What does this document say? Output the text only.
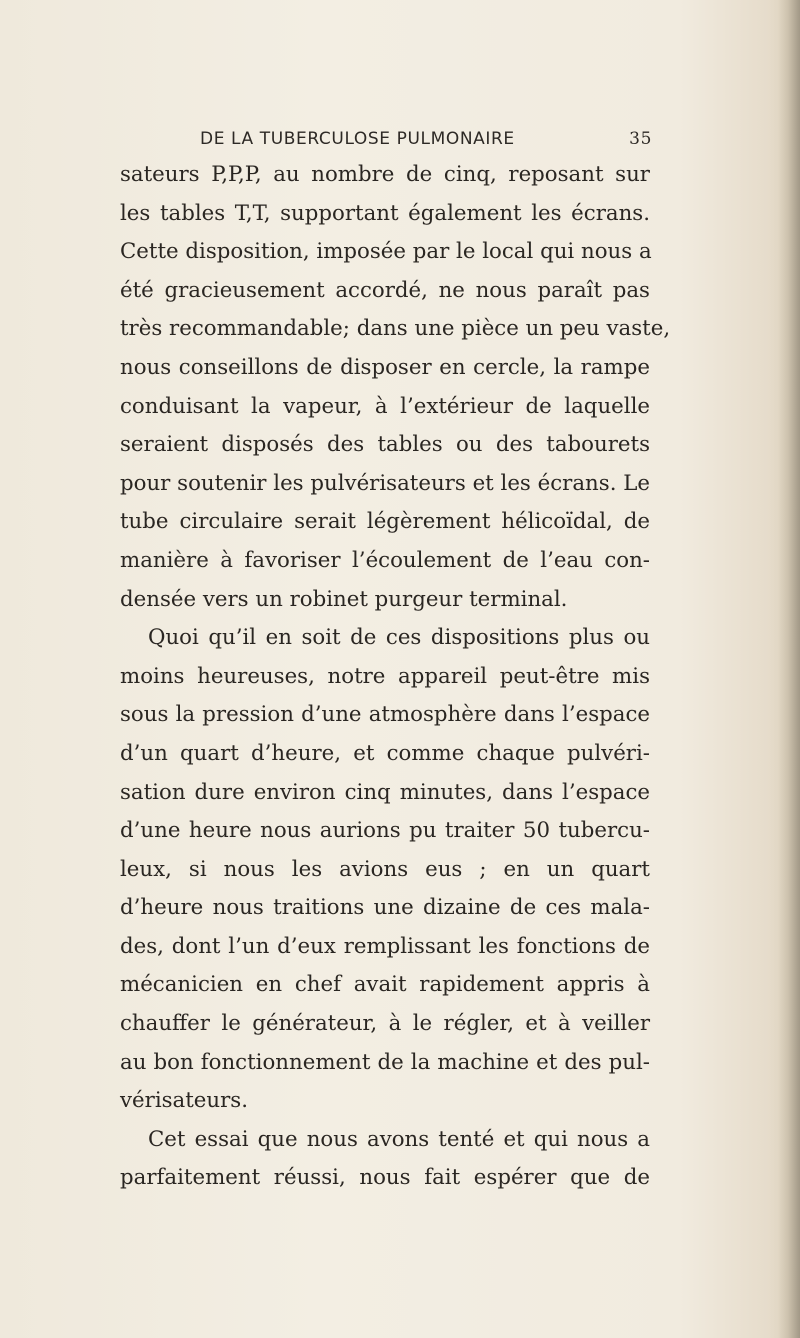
DE LA TUBERCULOSE PULMONAIRE	35
sateurs P,P,P, au nombre de cinq, reposant sur
les tables T,T, supportant également les écrans.
Cette disposition, imposée par le local qui nous a
été gracieusement accordé, ne nous paraît pas
très recommandable; dans une pièce un peu vaste,
nous conseillons de disposer en cercle, la rampe
conduisant la vapeur, à l’extérieur de laquelle
seraient disposés des tables ou des tabourets
pour soutenir les pulvérisateurs et les écrans. Le
tube circulaire serait légèrement hélicoïdal, de
manière à favoriser l’écoulement de l’eau con-
densée vers un robinet purgeur terminal.
Quoi qu’il en soit de ces dispositions plus ou
moins heureuses, notre appareil peut-être mis
sous la pression d’une atmosphère dans l’espace
d’un quart d’heure, et comme chaque pulvéri-
sation dure environ cinq minutes, dans l’espace
d’une heure nous aurions pu traiter 50 tubercu-
leux, si nous les avions eus ; en un quart
d’heure nous traitions une dizaine de ces mala-
des, dont l’un d’eux remplissant les fonctions de
mécanicien en chef avait rapidement appris à
chauffer le générateur, à le régler, et à veiller
au bon fonctionnement de la machine et des pul-
vérisateurs.
Cet essai que nous avons tenté et qui nous a
parfaitement réussi, nous fait espérer que de
